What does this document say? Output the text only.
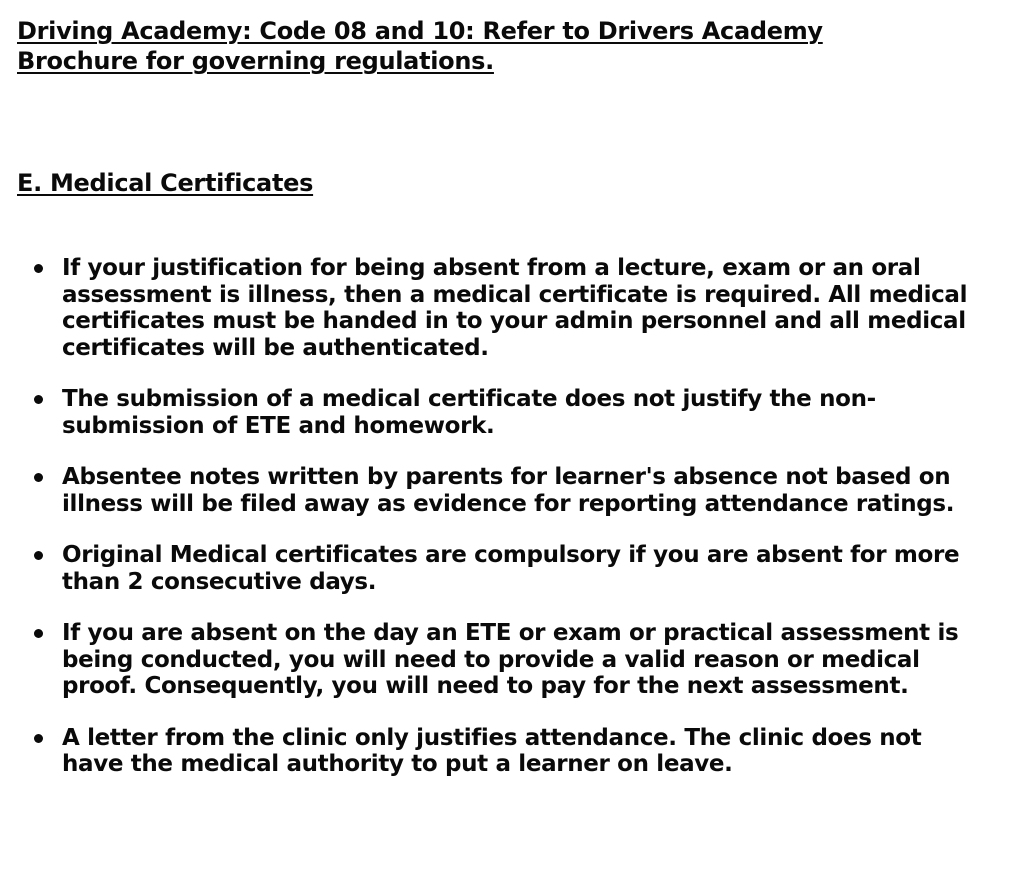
Driving Academy: Code 08 and 10: Refer to Drivers Academy
Brochure for governing regulations.
E. Medical Certificates
If your justification for being absent from a lecture, exam or an oral assessment is illness, then a medical certificate is required. All medical certificates must be handed in to your admin personnel and all medical certificates will be authenticated.
The submission of a medical certificate does not justify the non-submission of ETE and homework.
Absentee notes written by parents for learner's absence not based on illness will be filed away as evidence for reporting attendance ratings.
Original Medical certificates are compulsory if you are absent for more than 2 consecutive days.
If you are absent on the day an ETE or exam or practical assessment is being conducted, you will need to provide a valid reason or medical proof. Consequently, you will need to pay for the next assessment.
A letter from the clinic only justifies attendance. The clinic does not have the medical authority to put a learner on leave.
